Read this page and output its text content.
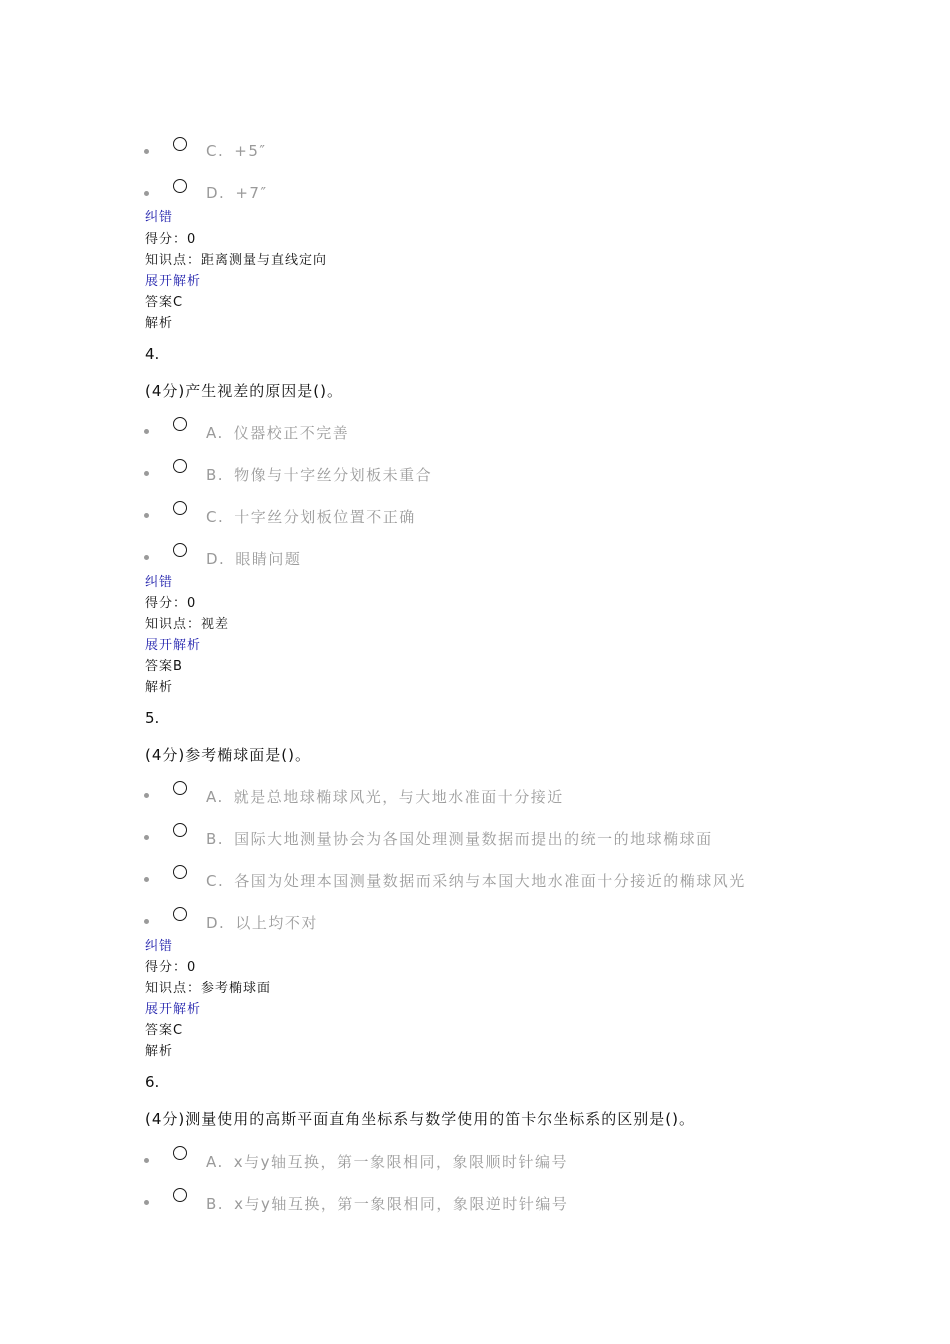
C. +5″
D. +7″
纠错
得分：0
知识点：距离测量与直线定向
展开解析
答案C
解析
4.
(4分)产生视差的原因是()。
A. 仪器校正不完善
B. 物像与十字丝分划板未重合
C. 十字丝分划板位置不正确
D. 眼睛问题
纠错
得分：0
知识点：视差
展开解析
答案B
解析
5.
(4分)参考椭球面是()。
A. 就是总地球椭球风光，与大地水准面十分接近
B. 国际大地测量协会为各国处理测量数据而提出的统一的地球椭球面
C. 各国为处理本国测量数据而采纳与本国大地水准面十分接近的椭球风光
D. 以上均不对
纠错
得分：0
知识点：参考椭球面
展开解析
答案C
解析
6.
(4分)测量使用的高斯平面直角坐标系与数学使用的笛卡尔坐标系的区别是()。
A. x与y轴互换，第一象限相同，象限顺时针编号
B. x与y轴互换，第一象限相同，象限逆时针编号
